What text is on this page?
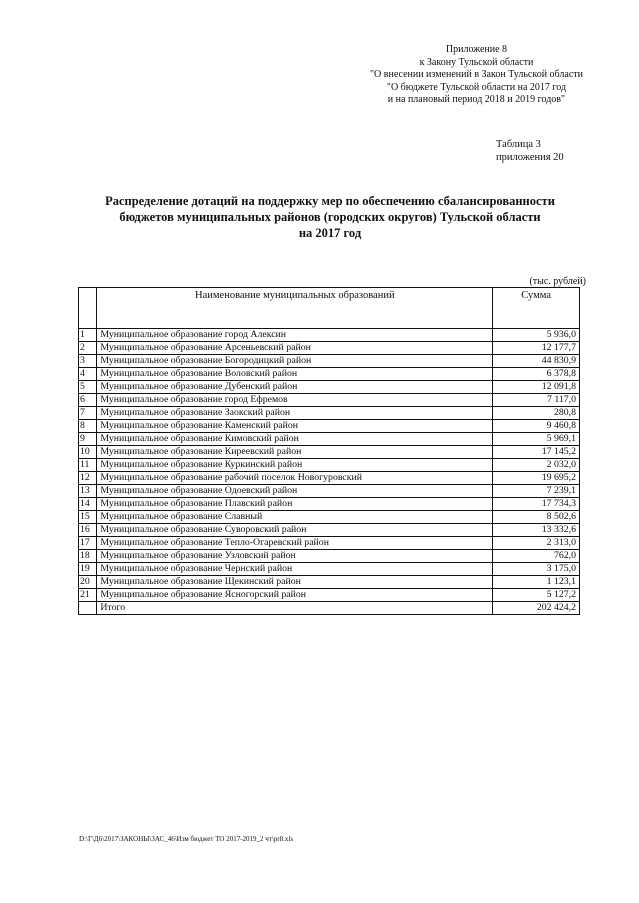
Приложение 8
к Закону Тульской области
"О внесении изменений в Закон Тульской области
"О бюджете Тульской области на 2017 год
и на плановый период 2018 и 2019 годов"
Таблица 3
приложения 20
Распределение дотаций на поддержку мер по обеспечению сбалансированности
бюджетов муниципальных районов (городских округов) Тульской области
на 2017 год
(тыс. рублей)
	Наименование муниципальных образований	Сумма
1	Муниципальное образование город Алексин	5 936,0
2	Муниципальное образование Арсеньевский район	12 177,7
3	Муниципальное образование Богородицкий район	44 830,9
4	Муниципальное образование Воловский район	6 378,8
5	Муниципальное образование Дубенский район	12 091,8
6	Муниципальное образование город Ефремов	7 117,0
7	Муниципальное образование Заокский район	280,8
8	Муниципальное образование Каменский район	9 460,8
9	Муниципальное образование Кимовский район	5 969,1
10	Муниципальное образование Киреевский район	17 145,2
11	Муниципальное образование Куркинский район	2 032,0
12	Муниципальное образование рабочий поселок Новогуровский	19 695,2
13	Муниципальное образование Одоевский район	7 239,1
14	Муниципальное образование Плавский район	17 734,3
15	Муниципальное образование Славный	8 502,6
16	Муниципальное образование Суворовский район	13 332,6
17	Муниципальное образование Тепло-Огаревский район	2 313,0
18	Муниципальное образование Узловский район	762,0
19	Муниципальное образование Чернский район	3 175,0
20	Муниципальное образование Щекинский район	1 123,1
21	Муниципальное образование Ясногорский район	5 127,2
	Итого	202 424,2
D:\Г\Д6\2017\ЗАКОНЫ\ЗАС_46\Изм бюджет ТО 2017-2019_2 чт\pr8.xls
